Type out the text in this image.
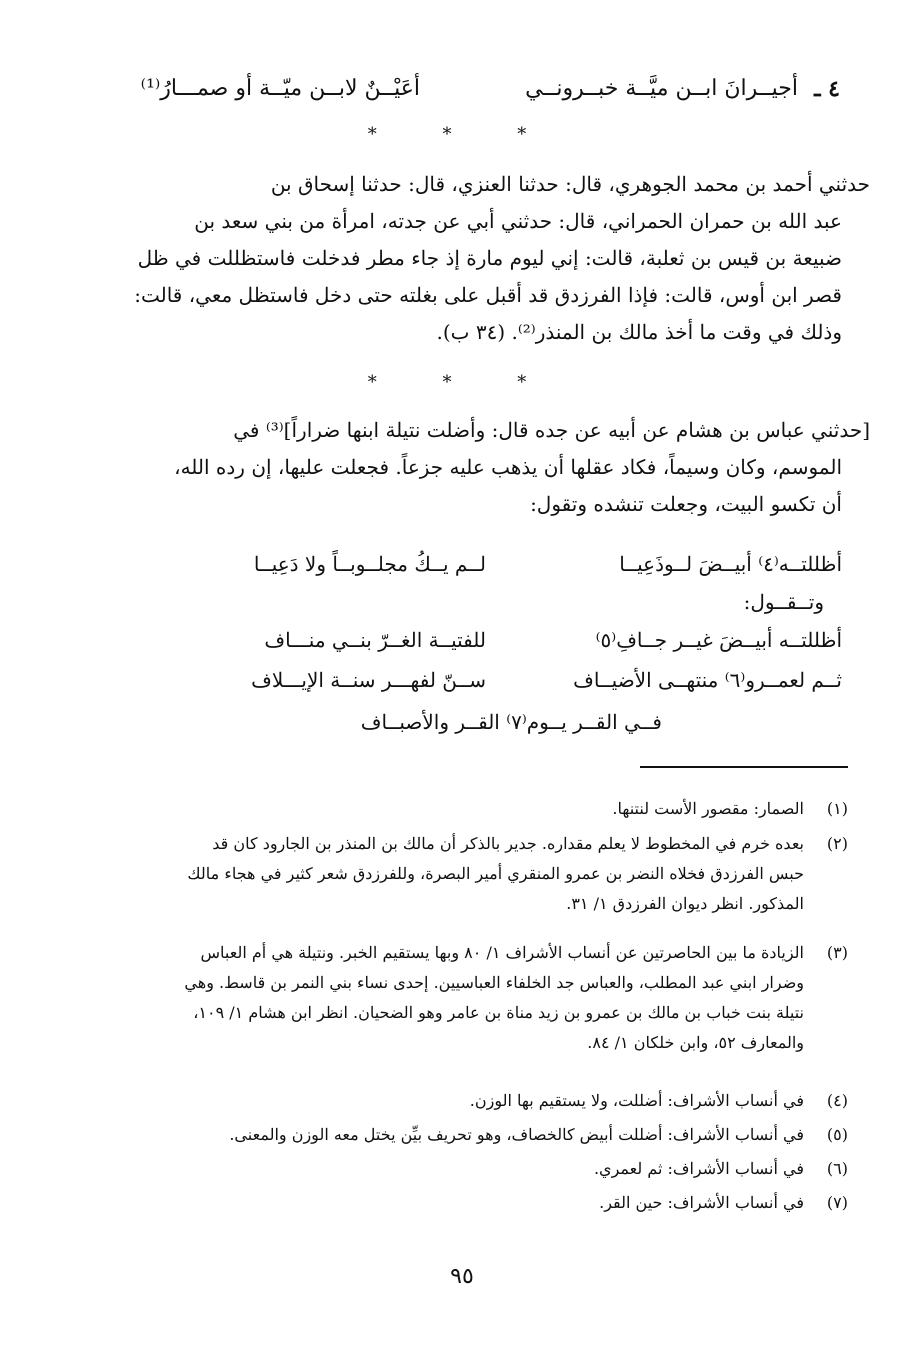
٤ ـ
أجيــرانَ ابــن ميَّــة خبــرونــي
أعَيْــنٌ لابــن ميّــة أو صمـــارُ⁽¹⁾
* * *
حدثني أحمد بن محمد الجوهري، قال: حدثنا العنزي، قال: حدثنا إسحاق بن
عبد الله بن حمران الحمراني، قال: حدثني أبي عن جدته، امرأة من بني سعد بن
ضبيعة بن قيس بن ثعلبة، قالت: إني ليوم مارة إذ جاء مطر فدخلت فاستظللت في ظل
قصر ابن أوس، قالت: فإذا الفرزدق قد أقبل على بغلته حتى دخل فاستظل معي، قالت:
وذلك في وقت ما أخذ مالك بن المنذر⁽²⁾. (٣٤ ب).
* * *
[حدثني عباس بن هشام عن أبيه عن جده قال: وأضلت نتيلة ابنها ضراراً]⁽³⁾ في
الموسم، وكان وسيماً، فكاد عقلها أن يذهب عليه جزعاً. فجعلت عليها، إن رده الله،
أن تكسو البيت، وجعلت تنشده وتقول:
أظللتــه⁽٤⁾ أبيــضَ لــوذَعِيــا
لــم يــكُ مجلــوبــاً ولا دَعِيــا
وتــقــول:
أظللتــه أبيــضَ غيــر جــافِ⁽٥⁾
للفتيــة الغــرّ بنــي منـــاف
ثــم لعمــرو⁽٦⁾ منتهــى الأضيــاف
ســنّ لفهـــر سنــة الإيـــلاف
فــي القــر يــوم⁽٧⁾ القــر والأصبــاف
(١)
الصمار: مقصور الأست لنتنها.
(٢)
بعده خرم في المخطوط لا يعلم مقداره. جدير بالذكر أن مالك بن المنذر بن الجارود كان قد
حبس الفرزدق فخلاه النضر بن عمرو المنقري أمير البصرة، وللفرزدق شعر كثير في هجاء مالك
المذكور. انظر ديوان الفرزدق ١/ ٣١.
(٣)
الزيادة ما بين الحاصرتين عن أنساب الأشراف ١/ ٨٠ وبها يستقيم الخبر. ونتيلة هي أم العباس
وضرار ابني عبد المطلب، والعباس جد الخلفاء العباسيين. إحدى نساء بني النمر بن قاسط. وهي
نتيلة بنت خباب بن مالك بن عمرو بن زيد مناة بن عامر وهو الضحيان. انظر ابن هشام ١/ ١٠٩،
والمعارف ٥٢، وابن خلكان ١/ ٨٤.
(٤)
في أنساب الأشراف: أضللت، ولا يستقيم بها الوزن.
(٥)
في أنساب الأشراف: أضللت أبيض كالخصاف، وهو تحريف بيِّن يختل معه الوزن والمعنى.
(٦)
في أنساب الأشراف: ثم لعمري.
(٧)
في أنساب الأشراف: حين القر.
٩٥
